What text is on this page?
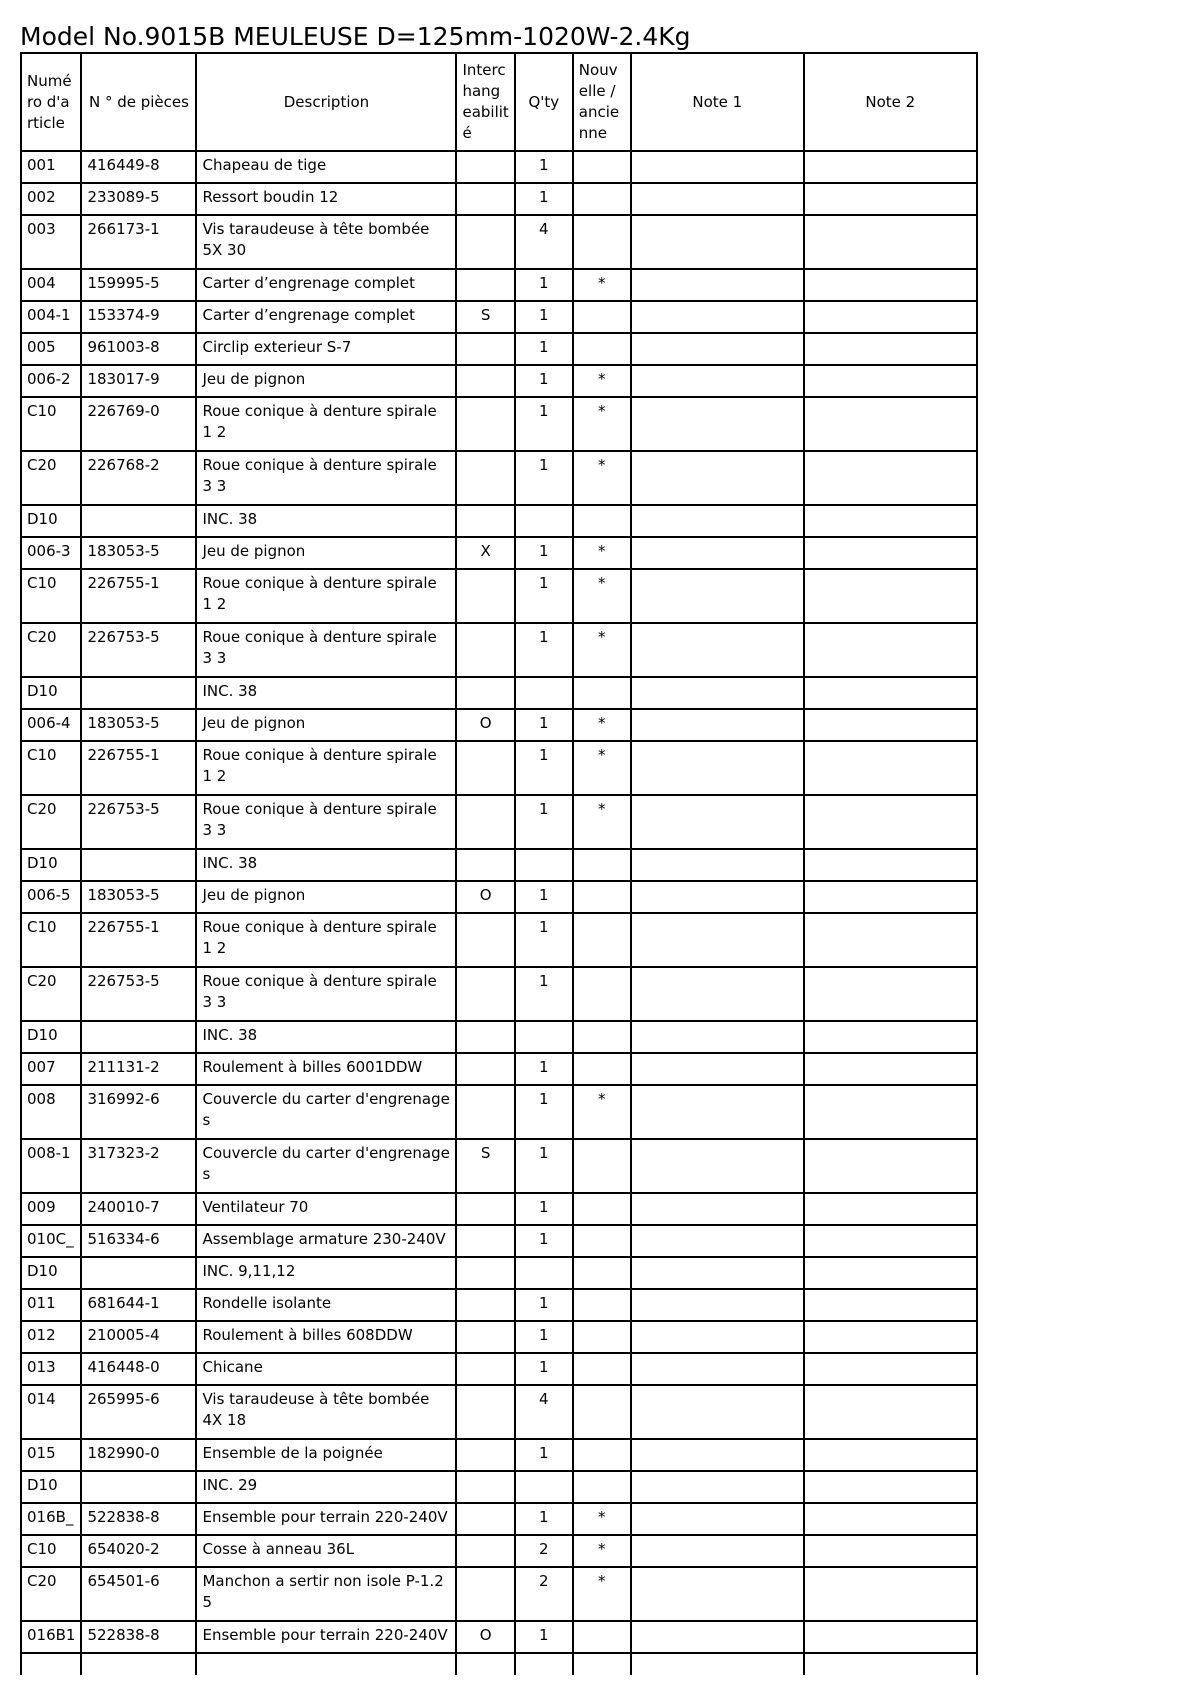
Model No.9015B MEULEUSE D=125mm-1020W-2.4Kg
Numé ro d'a rticle	N ° de pièces	Description	Interc hang eabilit é	Q'ty	Nouv elle / ancie nne	Note 1	Note 2
001	416449-8	Chapeau de tige		1			
002	233089-5	Ressort boudin 12		1			
003	266173-1	Vis taraudeuse à tête bombée 5X 30		4			
004	159995-5	Carter d’engrenage complet		1	*		
004-1	153374-9	Carter d’engrenage complet	S	1			
005	961003-8	Circlip exterieur S-7		1			
006-2	183017-9	Jeu de pignon		1	*		
C10	226769-0	Roue conique à denture spirale 1 2		1	*		
C20	226768-2	Roue conique à denture spirale 3 3		1	*		
D10		INC. 38					
006-3	183053-5	Jeu de pignon	X	1	*		
C10	226755-1	Roue conique à denture spirale 1 2		1	*		
C20	226753-5	Roue conique à denture spirale 3 3		1	*		
D10		INC. 38					
006-4	183053-5	Jeu de pignon	O	1	*		
C10	226755-1	Roue conique à denture spirale 1 2		1	*		
C20	226753-5	Roue conique à denture spirale 3 3		1	*		
D10		INC. 38					
006-5	183053-5	Jeu de pignon	O	1			
C10	226755-1	Roue conique à denture spirale 1 2		1			
C20	226753-5	Roue conique à denture spirale 3 3		1			
D10		INC. 38					
007	211131-2	Roulement à billes 6001DDW		1			
008	316992-6	Couvercle du carter d'engrenage s		1	*		
008-1	317323-2	Couvercle du carter d'engrenage s	S	1			
009	240010-7	Ventilateur 70		1			
010C_	516334-6	Assemblage armature 230-240V		1			
D10		INC. 9,11,12					
011	681644-1	Rondelle isolante		1			
012	210005-4	Roulement à billes 608DDW		1			
013	416448-0	Chicane		1			
014	265995-6	Vis taraudeuse à tête bombée 4X 18		4			
015	182990-0	Ensemble de la poignée		1			
D10		INC. 29					
016B_	522838-8	Ensemble pour terrain 220-240V		1	*		
C10	654020-2	Cosse à anneau 36L		2	*		
C20	654501-6	Manchon a sertir non isole P-1.2 5		2	*		
016B1	522838-8	Ensemble pour terrain 220-240V	O	1			
